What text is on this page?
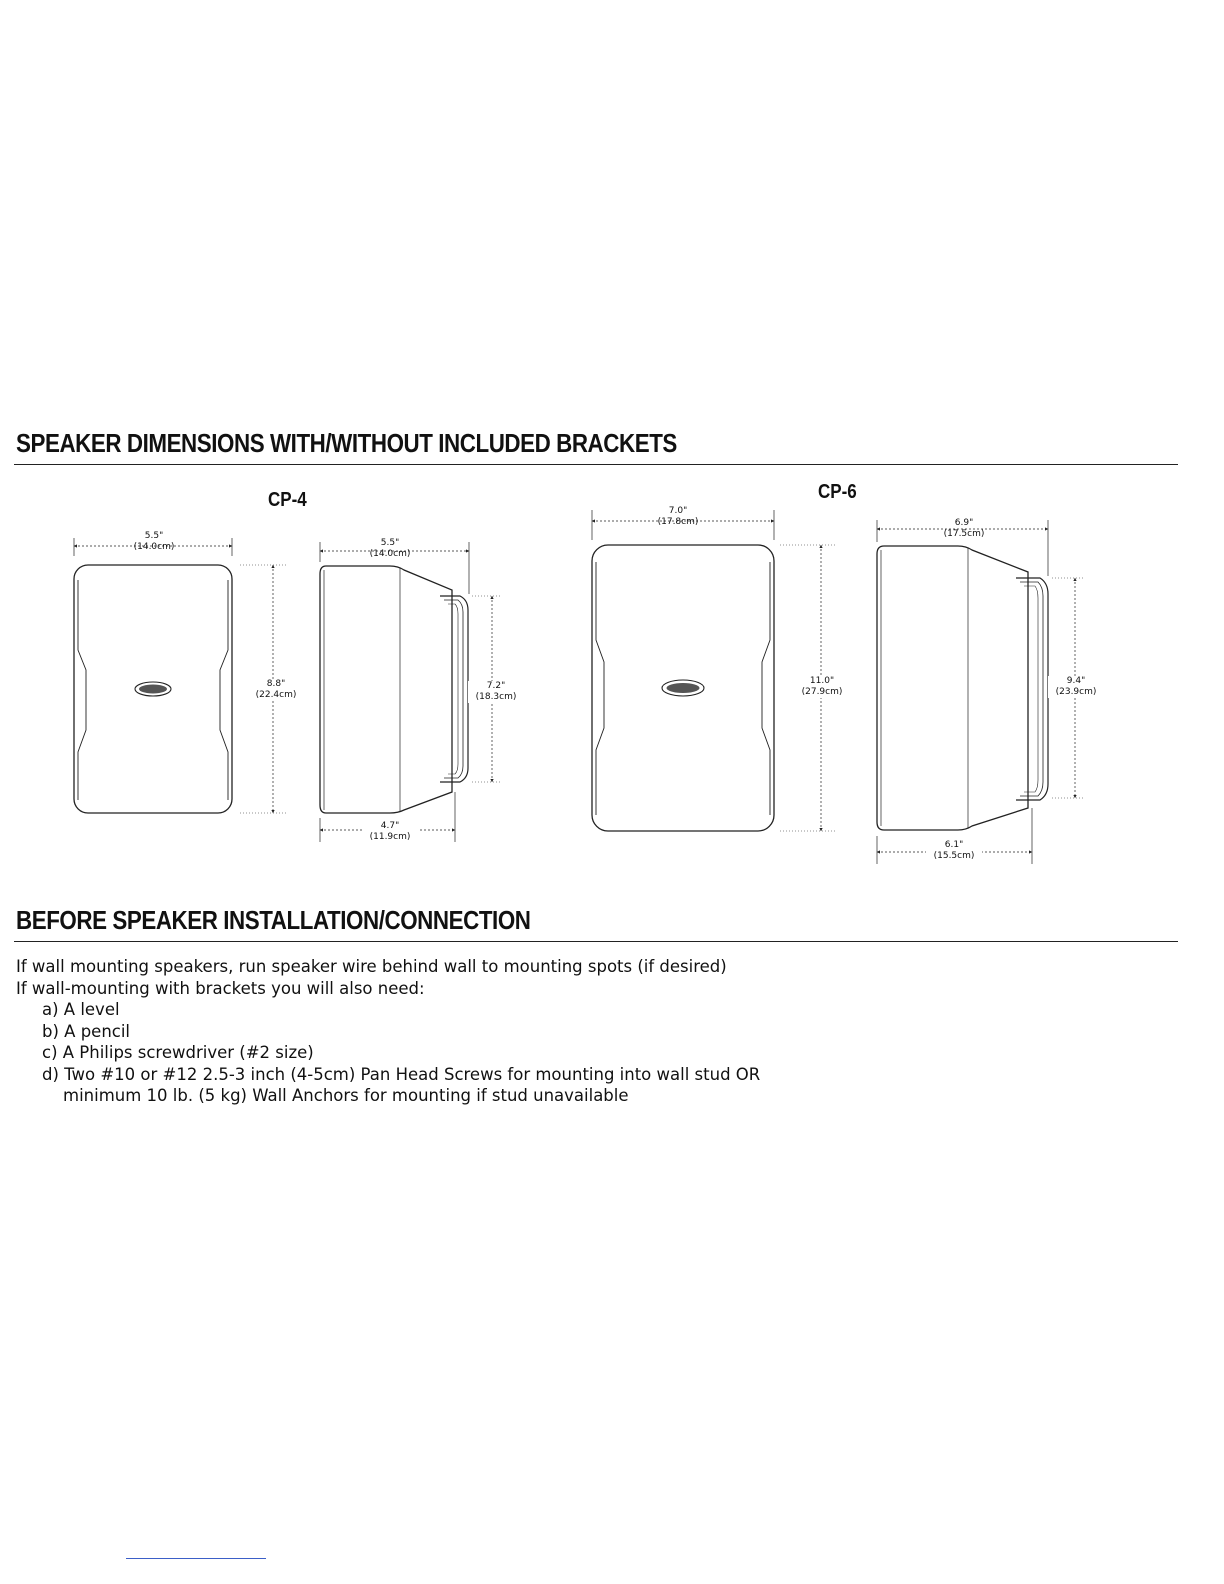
SPEAKER DIMENSIONS WITH/WITHOUT INCLUDED BRACKETS
CP-4	CP-6
5.5"
(14.0cm)
8.8"
(22.4cm)
5.5"
(14.0cm)
7.2"
(18.3cm)
4.7"
(11.9cm)
7.0"
(17.8cm)
11.0"
(27.9cm)
6.9"
(17.5cm)
9.4"
(23.9cm)
6.1"
(15.5cm)
BEFORE SPEAKER INSTALLATION/CONNECTION
If wall mounting speakers, run speaker wire behind wall to mounting spots (if desired)
If wall-mounting with brackets you will also need:
a) A level
b) A pencil
c) A Philips screwdriver (#2 size)
d) Two #10 or #12 2.5-3 inch (4-5cm) Pan Head Screws for mounting into wall stud OR
minimum 10 lb. (5 kg) Wall Anchors for mounting if stud unavailable
